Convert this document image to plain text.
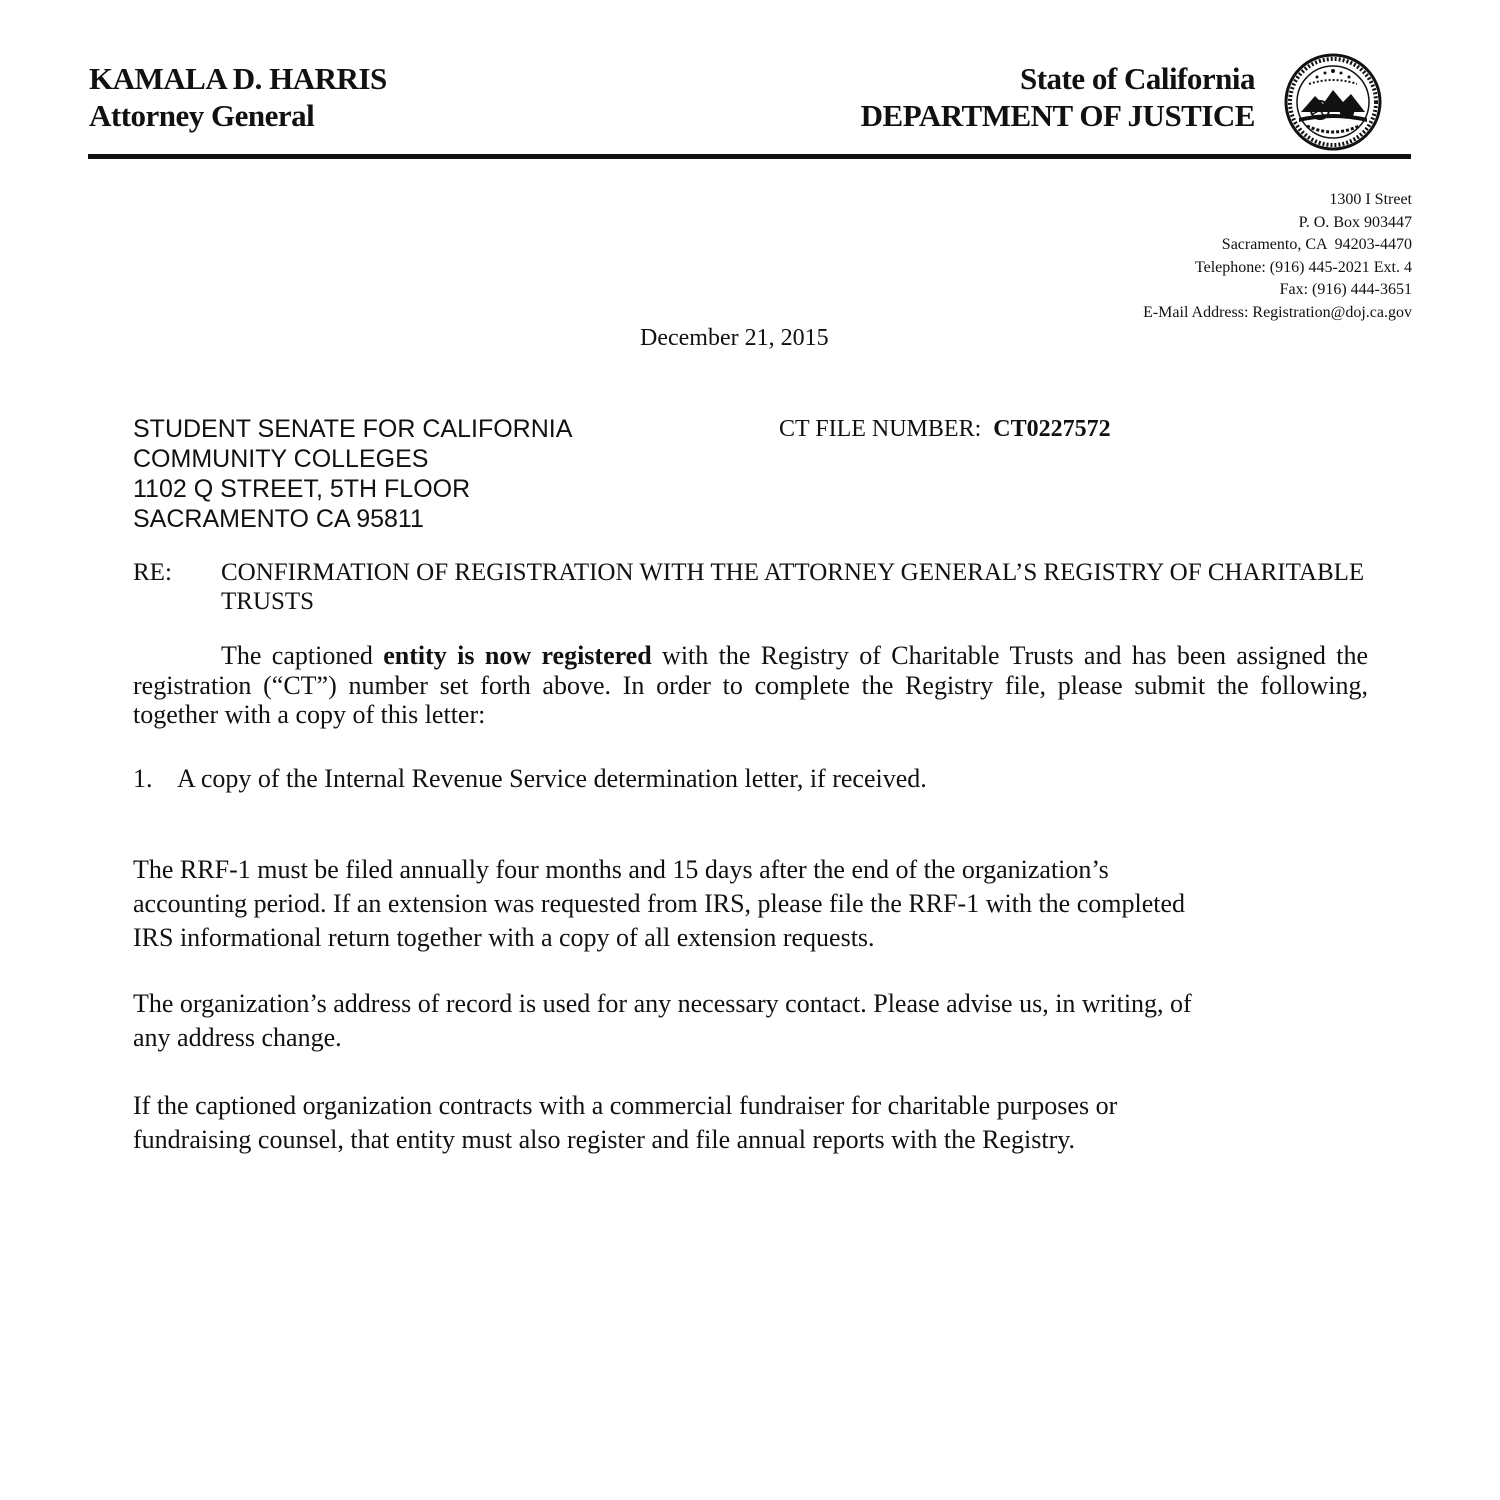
KAMALA D. HARRIS
Attorney General
State of California
DEPARTMENT OF JUSTICE
1300 I Street
P. O. Box 903447
Sacramento, CA  94203-4470
Telephone: (916) 445-2021 Ext. 4
Fax: (916) 444-3651
E-Mail Address: Registration@doj.ca.gov
December 21, 2015
STUDENT SENATE FOR CALIFORNIA
COMMUNITY COLLEGES
1102 Q STREET, 5TH FLOOR
SACRAMENTO CA 95811
CT FILE NUMBER: CT0227572
RE: CONFIRMATION OF REGISTRATION WITH THE ATTORNEY GENERAL’S REGISTRY OF CHARITABLE TRUSTS
The captioned entity is now registered with the Registry of Charitable Trusts and has been assigned the registration (“CT”) number set forth above. In order to complete the Registry file, please submit the following, together with a copy of this letter:
1. A copy of the Internal Revenue Service determination letter, if received.
The RRF-1 must be filed annually four months and 15 days after the end of the organization’s
accounting period. If an extension was requested from IRS, please file the RRF-1 with the completed
IRS informational return together with a copy of all extension requests.
The organization’s address of record is used for any necessary contact. Please advise us, in writing, of
any address change.
If the captioned organization contracts with a commercial fundraiser for charitable purposes or
fundraising counsel, that entity must also register and file annual reports with the Registry.
